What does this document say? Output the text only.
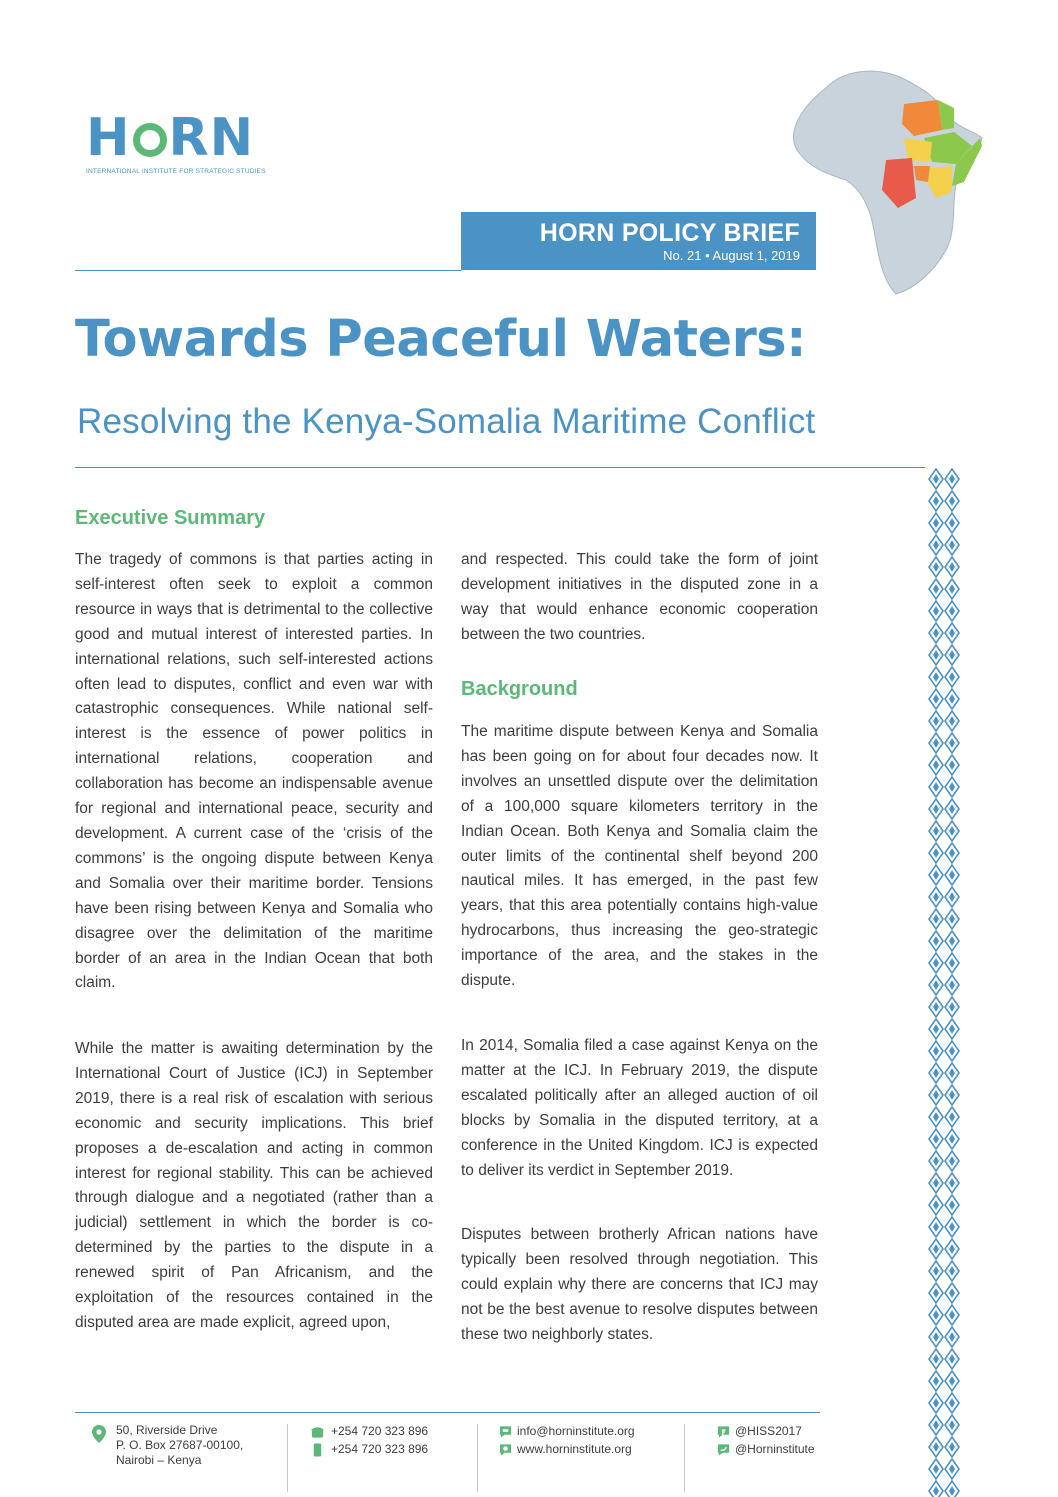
H RN
INTERNATIONAL INSTITUTE FOR STRATEGIC STUDIES
HORN POLICY BRIEF
No. 21 • August 1, 2019
Towards Peaceful Waters:
Resolving the Kenya-Somalia Maritime Conflict
Executive Summary
The tragedy of commons is that parties acting in self-interest often seek to exploit a common resource in ways that is detrimental to the collective good and mutual interest of interested parties. In international relations, such self-interested actions often lead to disputes, conflict and even war with catastrophic consequences. While national self-interest is the essence of power politics in international relations, cooperation and collaboration has become an indispensable avenue for regional and international peace, security and development. A current case of the ‘crisis of the commons’ is the ongoing dispute between Kenya and Somalia over their maritime border. Tensions have been rising between Kenya and Somalia who disagree over the delimitation of the maritime border of an area in the Indian Ocean that both claim.
While the matter is awaiting determination by the International Court of Justice (ICJ) in September 2019, there is a real risk of escalation with serious economic and security implications. This brief proposes a de-escalation and acting in common interest for regional stability. This can be achieved through dialogue and a negotiated (rather than a judicial) settlement in which the border is co-determined by the parties to the dispute in a renewed spirit of Pan Africanism, and the exploitation of the resources contained in the disputed area are made explicit, agreed upon,
and respected. This could take the form of joint development initiatives in the disputed zone in a way that would enhance economic cooperation between the two countries.
Background
The maritime dispute between Kenya and Somalia has been going on for about four decades now. It involves an unsettled dispute over the delimitation of a 100,000 square kilometers territory in the Indian Ocean. Both Kenya and Somalia claim the outer limits of the continental shelf beyond 200 nautical miles. It has emerged, in the past few years, that this area potentially contains high-value hydrocarbons, thus increasing the geo-strategic importance of the area, and the stakes in the dispute.
In 2014, Somalia filed a case against Kenya on the matter at the ICJ. In February 2019, the dispute escalated politically after an alleged auction of oil blocks by Somalia in the disputed territory, at a conference in the United Kingdom. ICJ is expected to deliver its verdict in September 2019.
Disputes between brotherly African nations have typically been resolved through negotiation. This could explain why there are concerns that ICJ may not be the best avenue to resolve disputes between these two neighborly states.
50, Riverside Drive
P. O. Box 27687-00100,
Nairobi – Kenya
+254 720 323 896
+254 720 323 896
info@horninstitute.org
www.horninstitute.org
@HISS2017
@Horninstitute
